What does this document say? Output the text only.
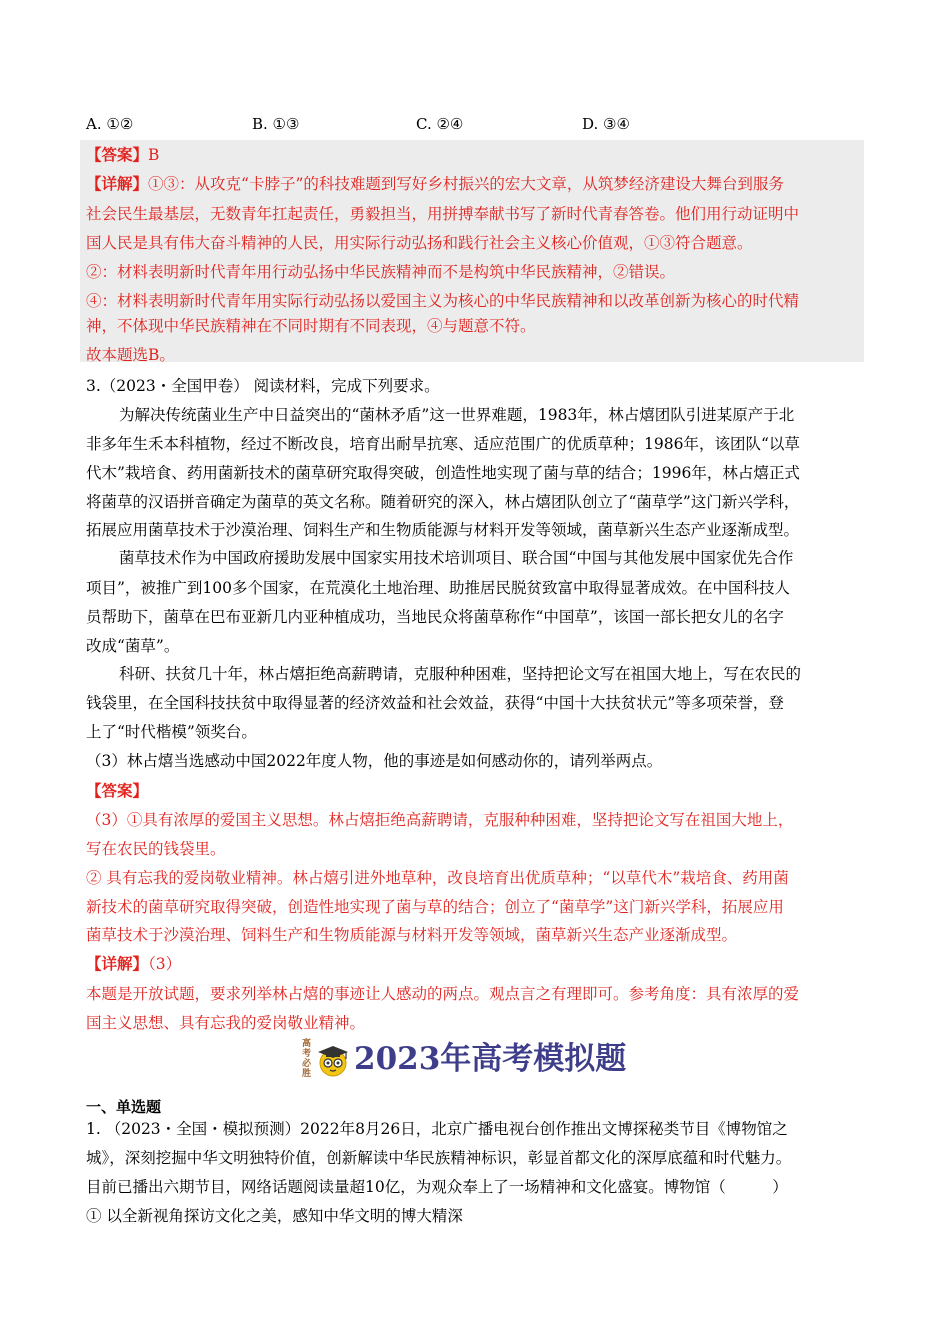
A. ①②	B. ①③	C. ②④	D. ③④
【答案】B
【详解】①③：从攻克“卡脖子”的科技难题到写好乡村振兴的宏大文章，从筑梦经济建设大舞台到服务
社会民生最基层，无数青年扛起责任，勇毅担当，用拼搏奉献书写了新时代青春答卷。他们用行动证明中
国人民是具有伟大奋斗精神的人民，用实际行动弘扬和践行社会主义核心价值观，①③符合题意。
②：材料表明新时代青年用行动弘扬中华民族精神而不是构筑中华民族精神，②错误。
④：材料表明新时代青年用实际行动弘扬以爱国主义为核心的中华民族精神和以改革创新为核心的时代精
神，不体现中华民族精神在不同时期有不同表现，④与题意不符。
故本题选B。
3.（2023・全国甲卷） 阅读材料，完成下列要求。
为解决传统菌业生产中日益突出的“菌林矛盾”这一世界难题，1983年，林占熺团队引进某原产于北
非多年生禾本科植物，经过不断改良，培育出耐旱抗寒、适应范围广的优质草种；1986年，该团队“以草
代木”栽培食、药用菌新技术的菌草研究取得突破，创造性地实现了菌与草的结合；1996年，林占熺正式
将菌草的汉语拼音确定为菌草的英文名称。随着研究的深入，林占熺团队创立了“菌草学”这门新兴学科，
拓展应用菌草技术于沙漠治理、饲料生产和生物质能源与材料开发等领域，菌草新兴生态产业逐渐成型。
菌草技术作为中国政府援助发展中国家实用技术培训项目、联合国“中国与其他发展中国家优先合作
项目”，被推广到100多个国家，在荒漠化土地治理、助推居民脱贫致富中取得显著成效。在中国科技人
员帮助下，菌草在巴布亚新几内亚种植成功，当地民众将菌草称作“中国草”，该国一部长把女儿的名字
改成“菌草”。
科研、扶贫几十年，林占熺拒绝高薪聘请，克服种种困难，坚持把论文写在祖国大地上，写在农民的
钱袋里，在全国科技扶贫中取得显著的经济效益和社会效益，获得“中国十大扶贫状元”等多项荣誉，登
上了“时代楷模”领奖台。
（3）林占熺当选感动中国2022年度人物，他的事迹是如何感动你的，请列举两点。
【答案】
（3）①具有浓厚的爱国主义思想。林占熺拒绝高薪聘请，克服种种困难，坚持把论文写在祖国大地上，
写在农民的钱袋里。
② 具有忘我的爱岗敬业精神。林占熺引进外地草种，改良培育出优质草种；“以草代木”栽培食、药用菌
新技术的菌草研究取得突破，创造性地实现了菌与草的结合；创立了“菌草学”这门新兴学科，拓展应用
菌草技术于沙漠治理、饲料生产和生物质能源与材料开发等领域，菌草新兴生态产业逐渐成型。
【详解】（3）
本题是开放试题，要求列举林占熺的事迹让人感动的两点。观点言之有理即可。参考角度：具有浓厚的爱
国主义思想、具有忘我的爱岗敬业精神。
高考必胜 2023年高考模拟题
一、单选题
1. （2023・全国・模拟预测）2022年8月26日，北京广播电视台创作推出文博探秘类节目《博物馆之
城》，深刻挖掘中华文明独特价值，创新解读中华民族精神标识，彰显首都文化的深厚底蕴和时代魅力。
目前已播出六期节目，网络话题阅读量超10亿，为观众奉上了一场精神和文化盛宴。博物馆（　　　）
① 以全新视角探访文化之美，感知中华文明的博大精深
